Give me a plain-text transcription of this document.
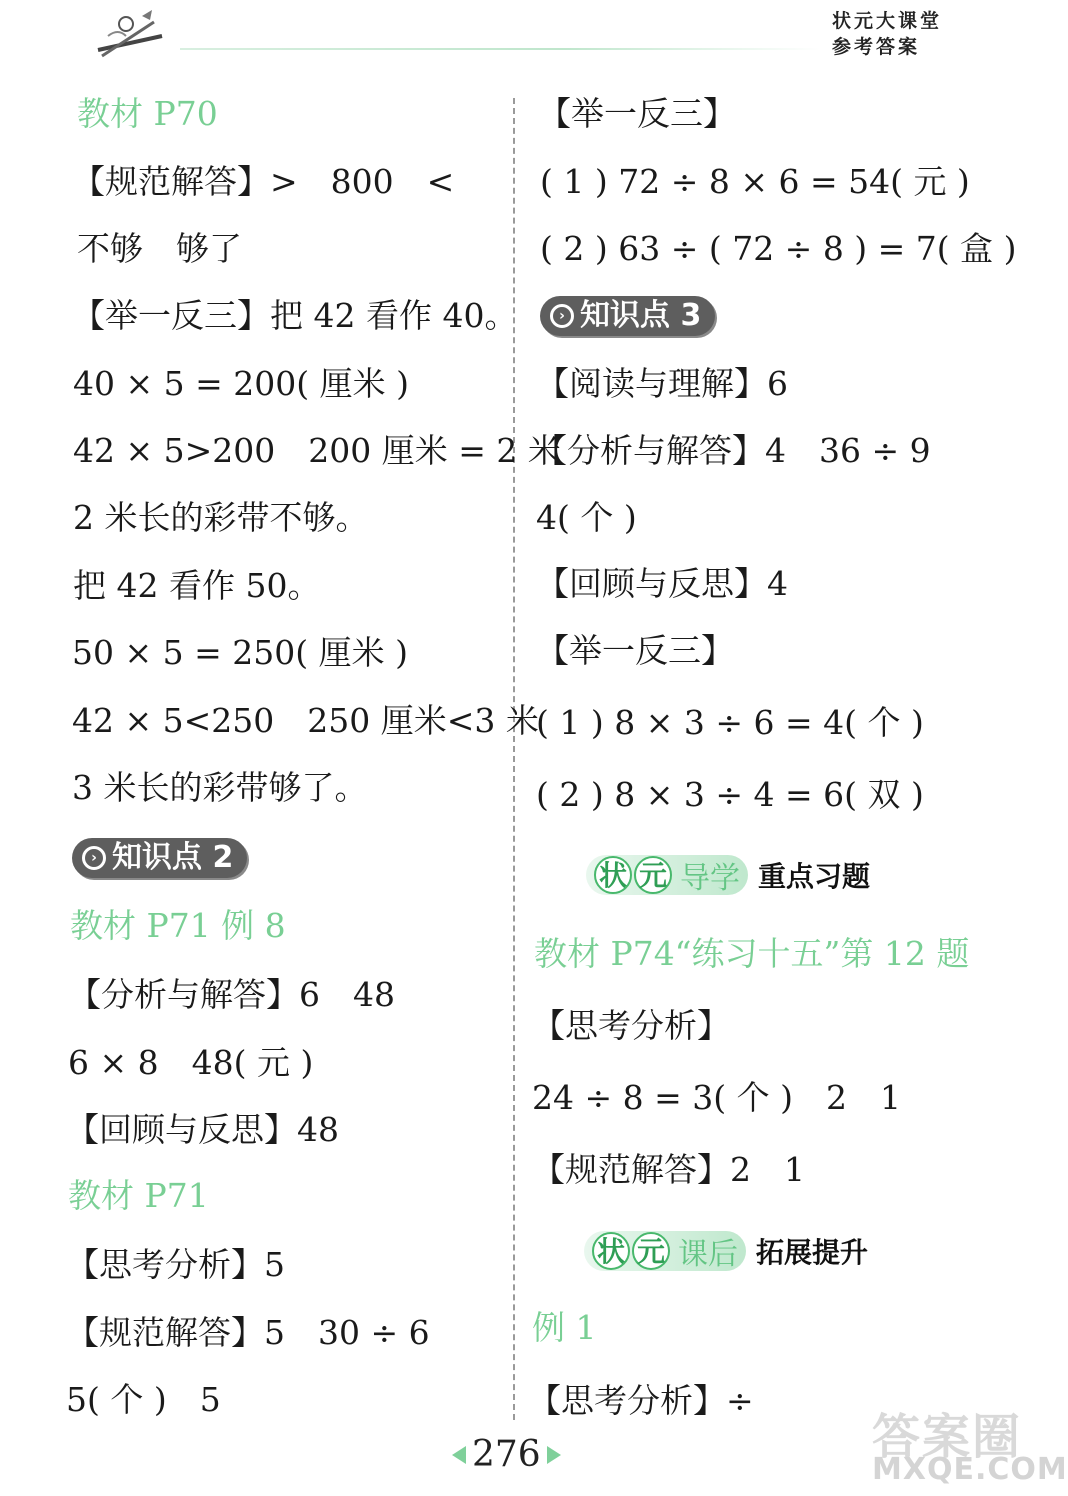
状元大课堂
参考答案
教材 P70
【规范解答】>　800　<
不够　够了
【举一反三】把 42 看作 40。
40 × 5 = 200( 厘米 )
42 × 5>200　200 厘米 = 2 米
2 米长的彩带不够。
把 42 看作 50。
50 × 5 = 250( 厘米 )
42 × 5<250　250 厘米<3 米
3 米长的彩带够了。
› 知识点 2
教材 P71 例 8
【分析与解答】6　48
6 × 8　48( 元 )
【回顾与反思】48
教材 P71
【思考分析】5
【规范解答】5　30 ÷ 6
5( 个 )　5
【举一反三】
( 1 ) 72 ÷ 8 × 6 = 54( 元 )
( 2 ) 63 ÷ ( 72 ÷ 8 ) = 7( 盒 )
› 知识点 3
【阅读与理解】6
【分析与解答】4　36 ÷ 9
4( 个 )
【回顾与反思】4
【举一反三】
( 1 ) 8 × 3 ÷ 6 = 4( 个 )
( 2 ) 8 × 3 ÷ 4 = 6( 双 )
状 元 导学 重点习题
教材 P74“练习十五”第 12 题
【思考分析】
24 ÷ 8 = 3( 个 )　2　1
【规范解答】2　1
状 元 课后 拓展提升
例 1
【思考分析】÷
276	答案圈
MXQE.COM
